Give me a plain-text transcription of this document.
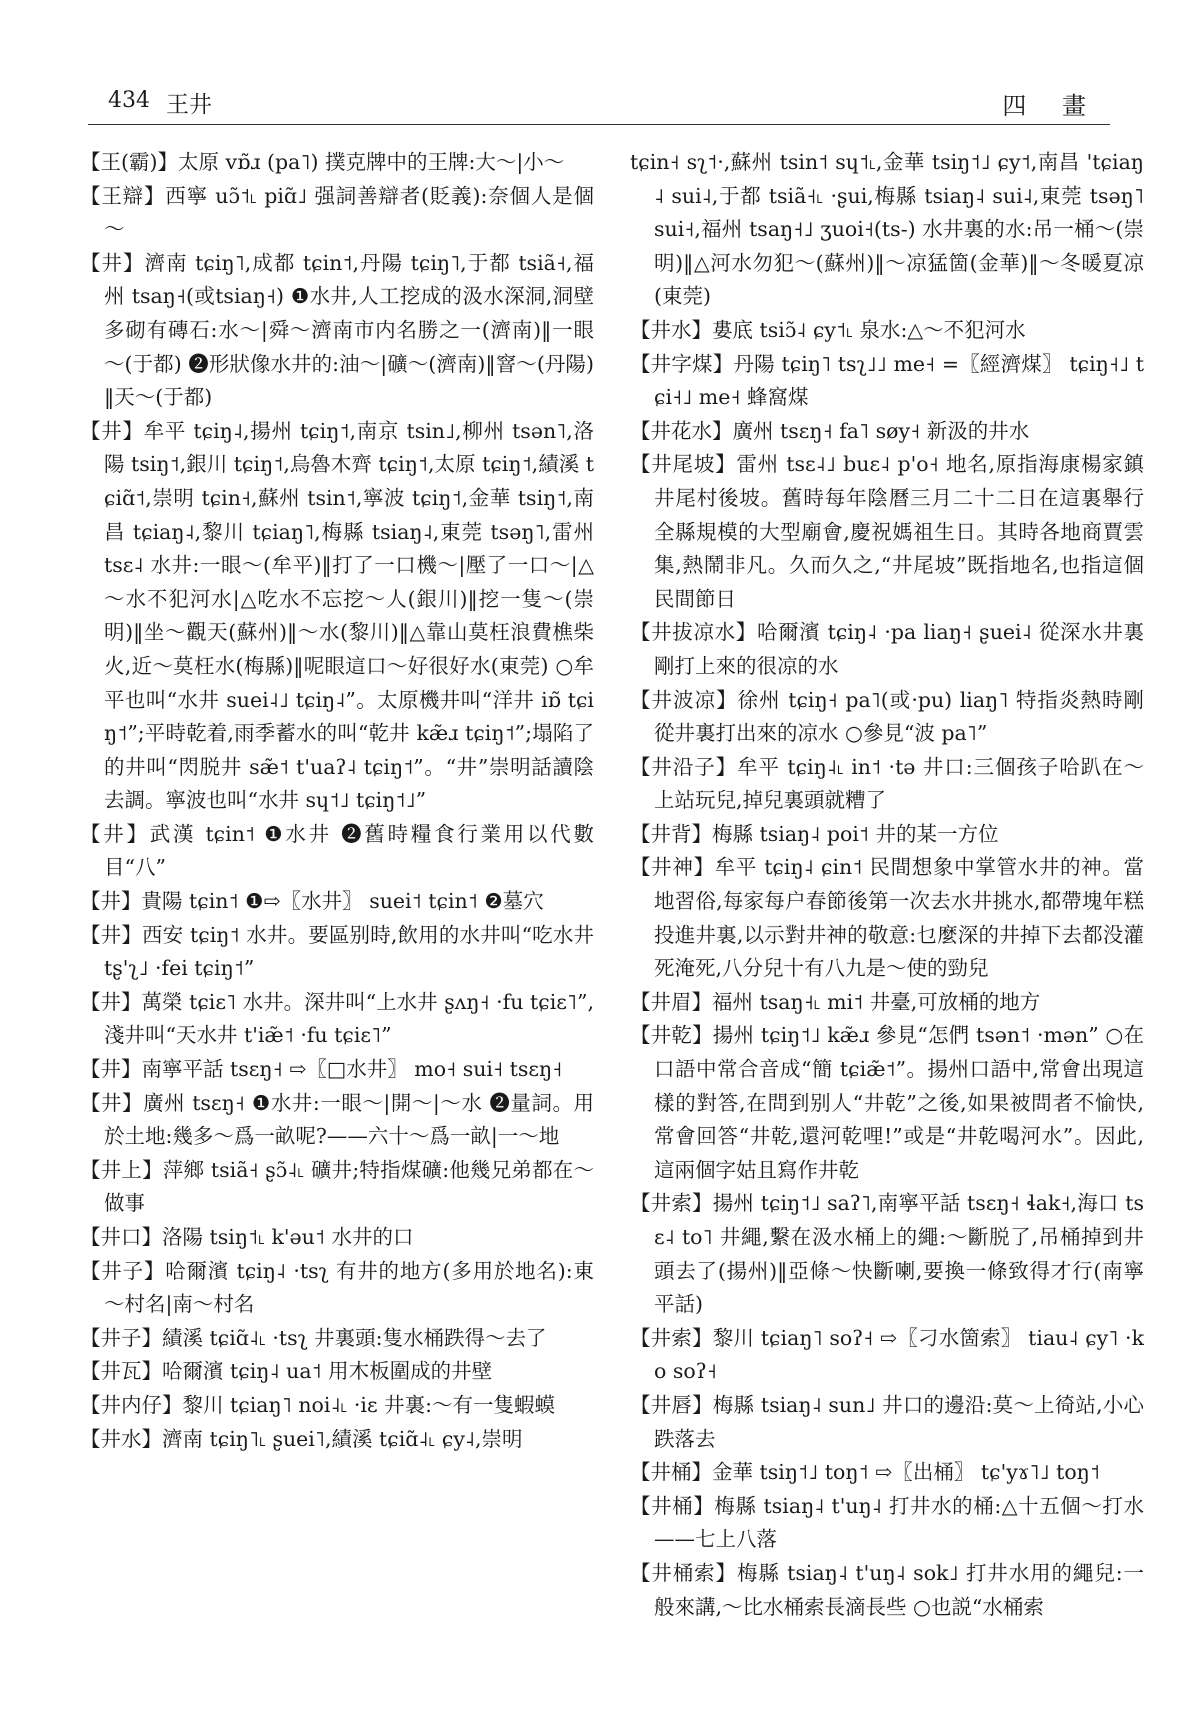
434 王井	四 畫

【王(霸)】太原 vɒ̃ɹ (pa˥) 撲克牌中的王牌:大～|小～

【王辯】西寧 uɔ̃˦˪ piɑ̃˩ 强詞善辯者(貶義):奈個人是個～

【井】濟南 tɕiŋ˥,成都 tɕin˦,丹陽 tɕiŋ˥,于都 tsiã˧,福州 tsaŋ˧(或tsiaŋ˧) ❶水井,人工挖成的汲水深洞,洞壁多砌有磚石:水～|舜～濟南市内名勝之一(濟南)‖一眼～(于都) ❷形狀像水井的:油～|礦～(濟南)‖窨～(丹陽)‖天～(于都)

【井】牟平 tɕiŋ˨,揚州 tɕiŋ˦,南京 tsin˩,柳州 tsən˥,洛陽 tsiŋ˦,銀川 tɕiŋ˦,烏魯木齊 tɕiŋ˦,太原 tɕiŋ˦,績溪 tɕiɑ̃˦,崇明 tɕin˧,蘇州 tsin˦,寧波 tɕiŋ˦,金華 tsiŋ˦,南昌 tɕiaŋ˨,黎川 tɕiaŋ˥,梅縣 tsiaŋ˨,東莞 tsəŋ˥,雷州 tsɛ˨ 水井:一眼～(牟平)‖打了一口機～|壓了一口～|△～水不犯河水|△吃水不忘挖～人(銀川)‖挖一隻～(崇明)‖坐～觀天(蘇州)‖～水(黎川)‖△靠山莫枉浪費樵柴火,近～莫枉水(梅縣)‖呢眼這口～好很好水(東莞) ○牟平也叫“水井 suei˨˩ tɕiŋ˨”。太原機井叫“洋井 iɒ̃ tɕiŋ˦”;平時乾着,雨季蓄水的叫“乾井 kæ̃ɹ tɕiŋ˦”;塌陷了的井叫“閃脱井 sæ̃˦ t'uaʔ˨ tɕiŋ˦”。“井”崇明話讀陰去調。寧波也叫“水井 sɥ˦˩ tɕiŋ˦˩”

【井】武漢 tɕin˦ ❶水井 ❷舊時糧食行業用以代數目“八”

【井】貴陽 tɕin˦ ❶⇨〖水井〗 suei˦ tɕin˦ ❷墓穴

【井】西安 tɕiŋ˦ 水井。要區别時,飲用的水井叫“吃水井 tʂ'ʅ˩ ·fei tɕiŋ˦”

【井】萬榮 tɕiɛ˥ 水井。深井叫“上水井 ʂʌŋ˧ ·fu tɕiɛ˥”,淺井叫“天水井 t'iæ̃˦ ·fu tɕiɛ˥”

【井】南寧平話 tsɛŋ˧ ⇨〖□水井〗 mo˧ sui˧ tsɛŋ˧

【井】廣州 tsɛŋ˧ ❶水井:一眼～|開～|～水 ❷量詞。用於土地:幾多～爲一畝呢?——六十～爲一畝|一～地

【井上】萍鄉 tsiã˧ ʂɔ̃˨˪ 礦井;特指煤礦:他幾兄弟都在～做事

【井口】洛陽 tsiŋ˦˪ k'əu˦ 水井的口

【井子】哈爾濱 tɕiŋ˨ ·tsʅ 有井的地方(多用於地名):東～村名|南～村名

【井子】績溪 tɕiɑ̃˨˪ ·tsʅ 井裏頭:隻水桶跌得～去了

【井瓦】哈爾濱 tɕiŋ˨ ua˦ 用木板圍成的井壁

【井内仔】黎川 tɕiaŋ˥ noi˨˪ ·iɛ 井裏:～有一隻蝦蟆

【井水】濟南 tɕiŋ˥˪ ʂuei˥,績溪 tɕiɑ̃˨˪ ɕy˨,崇明

tɕin˧ sʅ˦·,蘇州 tsin˦ sɥ˦˪,金華 tsiŋ˦˩ ɕy˦,南昌 'tɕiaŋ˨ sui˨,于都 tsiã˧˪ ·ʂui,梅縣 tsiaŋ˨ sui˨,東莞 tsəŋ˥ sui˧,福州 tsaŋ˧˩ ʒuoi˧(ts-) 水井裏的水:吊一桶～(崇明)‖△河水勿犯～(蘇州)‖～凉猛箇(金華)‖～冬暖夏凉(東莞)

【井水】婁底 tsiɔ̃˨ ɕy˦˪ 泉水:△～不犯河水

【井字煤】丹陽 tɕiŋ˥ tsʅ˩˩ me˧ =〖經濟煤〗 tɕiŋ˧˩ tɕi˧˩ me˧ 蜂窩煤

【井花水】廣州 tsɛŋ˧ fa˥ søy˧ 新汲的井水

【井尾坡】雷州 tsɛ˨˩ buɛ˨ p'o˧ 地名,原指海康楊家鎮井尾村後坡。舊時每年陰曆三月二十二日在這裏舉行全縣規模的大型廟會,慶祝媽祖生日。其時各地商賈雲集,熱鬧非凡。久而久之,“井尾坡”既指地名,也指這個民間節日

【井拔凉水】哈爾濱 tɕiŋ˨ ·pa liaŋ˧ ʂuei˨ 從深水井裏剛打上來的很凉的水

【井波凉】徐州 tɕiŋ˧ pa˥(或·pu) liaŋ˥ 特指炎熱時剛從井裏打出來的凉水 ○參見“波 pa˥”

【井沿子】牟平 tɕiŋ˨˪ in˦ ·tə 井口:三個孩子哈趴在～上站玩兒,掉兒裏頭就糟了

【井背】梅縣 tsiaŋ˨ poi˦ 井的某一方位

【井神】牟平 tɕiŋ˨ ɕin˦ 民間想象中掌管水井的神。當地習俗,每家每户春節後第一次去水井挑水,都帶塊年糕投進井裏,以示對井神的敬意:乜麼深的井掉下去都没灌死淹死,八分兒十有八九是～使的勁兒

【井眉】福州 tsaŋ˧˪ mi˦ 井臺,可放桶的地方

【井乾】揚州 tɕiŋ˦˩ kæ̃ɹ 參見“怎們 tsən˦ ·mən” ○在口語中常合音成“簡 tɕiæ̃˦”。揚州口語中,常會出現這樣的對答,在問到别人“井乾”之後,如果被問者不愉快,常會回答“井乾,還河乾哩!”或是“井乾喝河水”。因此,這兩個字姑且寫作井乾

【井索】揚州 tɕiŋ˦˩ saʔ˥,南寧平話 tsɛŋ˧ ɬak˧,海口 tsɛ˨ to˥ 井繩,繫在汲水桶上的繩:～斷脱了,吊桶掉到井頭去了(揚州)‖亞條～快斷喇,要換一條致得才行(南寧平話)

【井索】黎川 tɕiaŋ˥ soʔ˧ ⇨〖刁水箇索〗 tiau˨ ɕy˥ ·ko soʔ˧

【井唇】梅縣 tsiaŋ˨ sun˩ 井口的邊沿:莫～上徛站,小心跌落去

【井桶】金華 tsiŋ˦˩ toŋ˦ ⇨〖出桶〗 tɕ'yɤ˥˩ toŋ˦

【井桶】梅縣 tsiaŋ˨ t'uŋ˨ 打井水的桶:△十五個～打水——七上八落

【井桶索】梅縣 tsiaŋ˨ t'uŋ˨ sok˩ 打井水用的繩兒:一般來講,～比水桶索長滴長些 ○也説“水桶索
